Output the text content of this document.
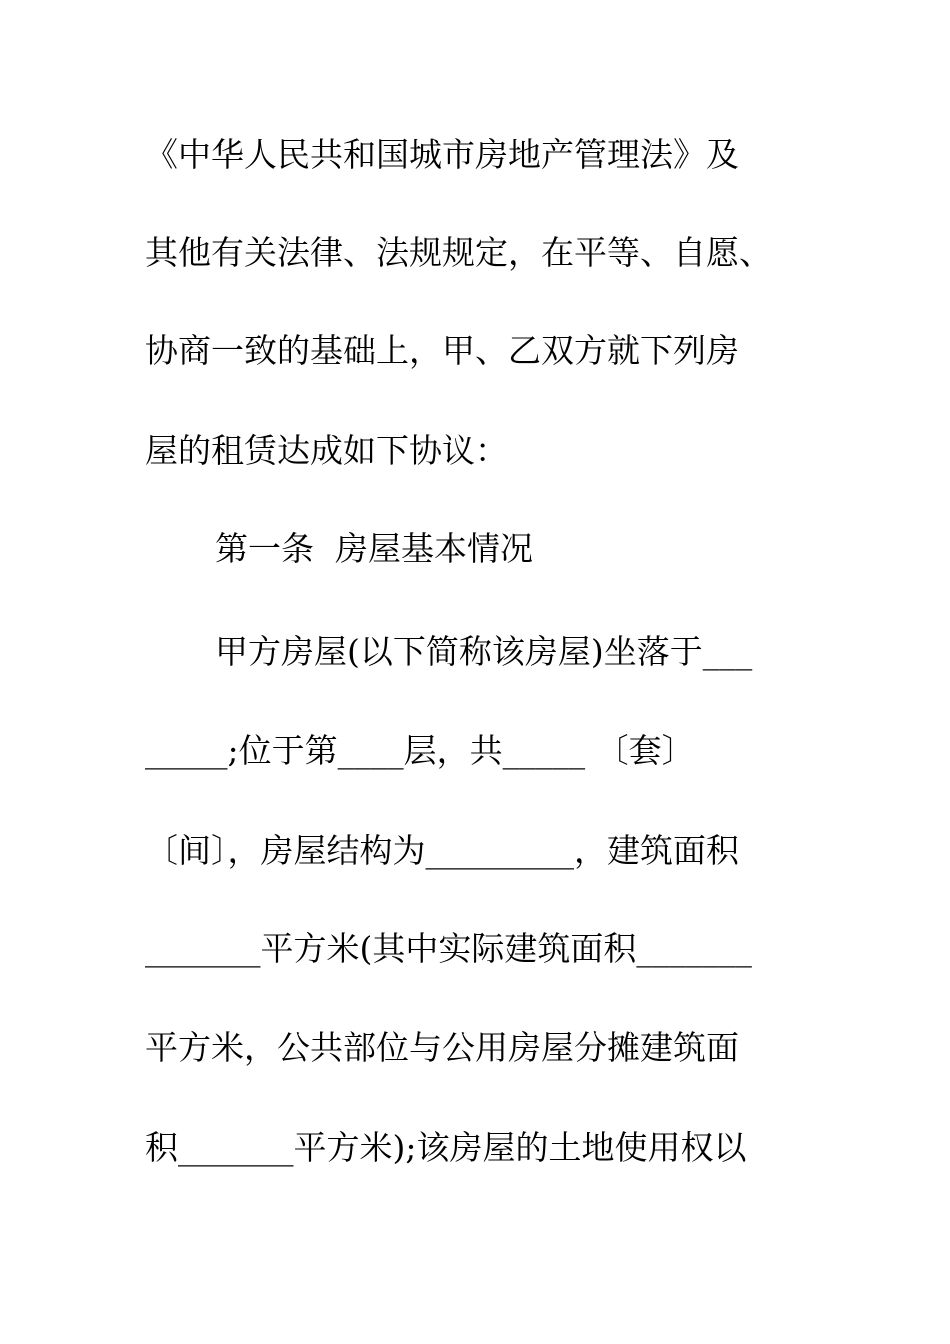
《中华人民共和国城市房地产管理法》及
其他有关法律、法规规定，在平等、自愿、
协商一致的基础上，甲、乙双方就下列房
屋的租赁达成如下协议：
第一条  房屋基本情况
甲方房屋(以下简称该房屋)坐落于___
_____;位于第____层，共_____ 〔套〕
〔间〕，房屋结构为_________，建筑面积
_______平方米(其中实际建筑面积_______
平方米，公共部位与公用房屋分摊建筑面
积_______平方米);该房屋的土地使用权以
